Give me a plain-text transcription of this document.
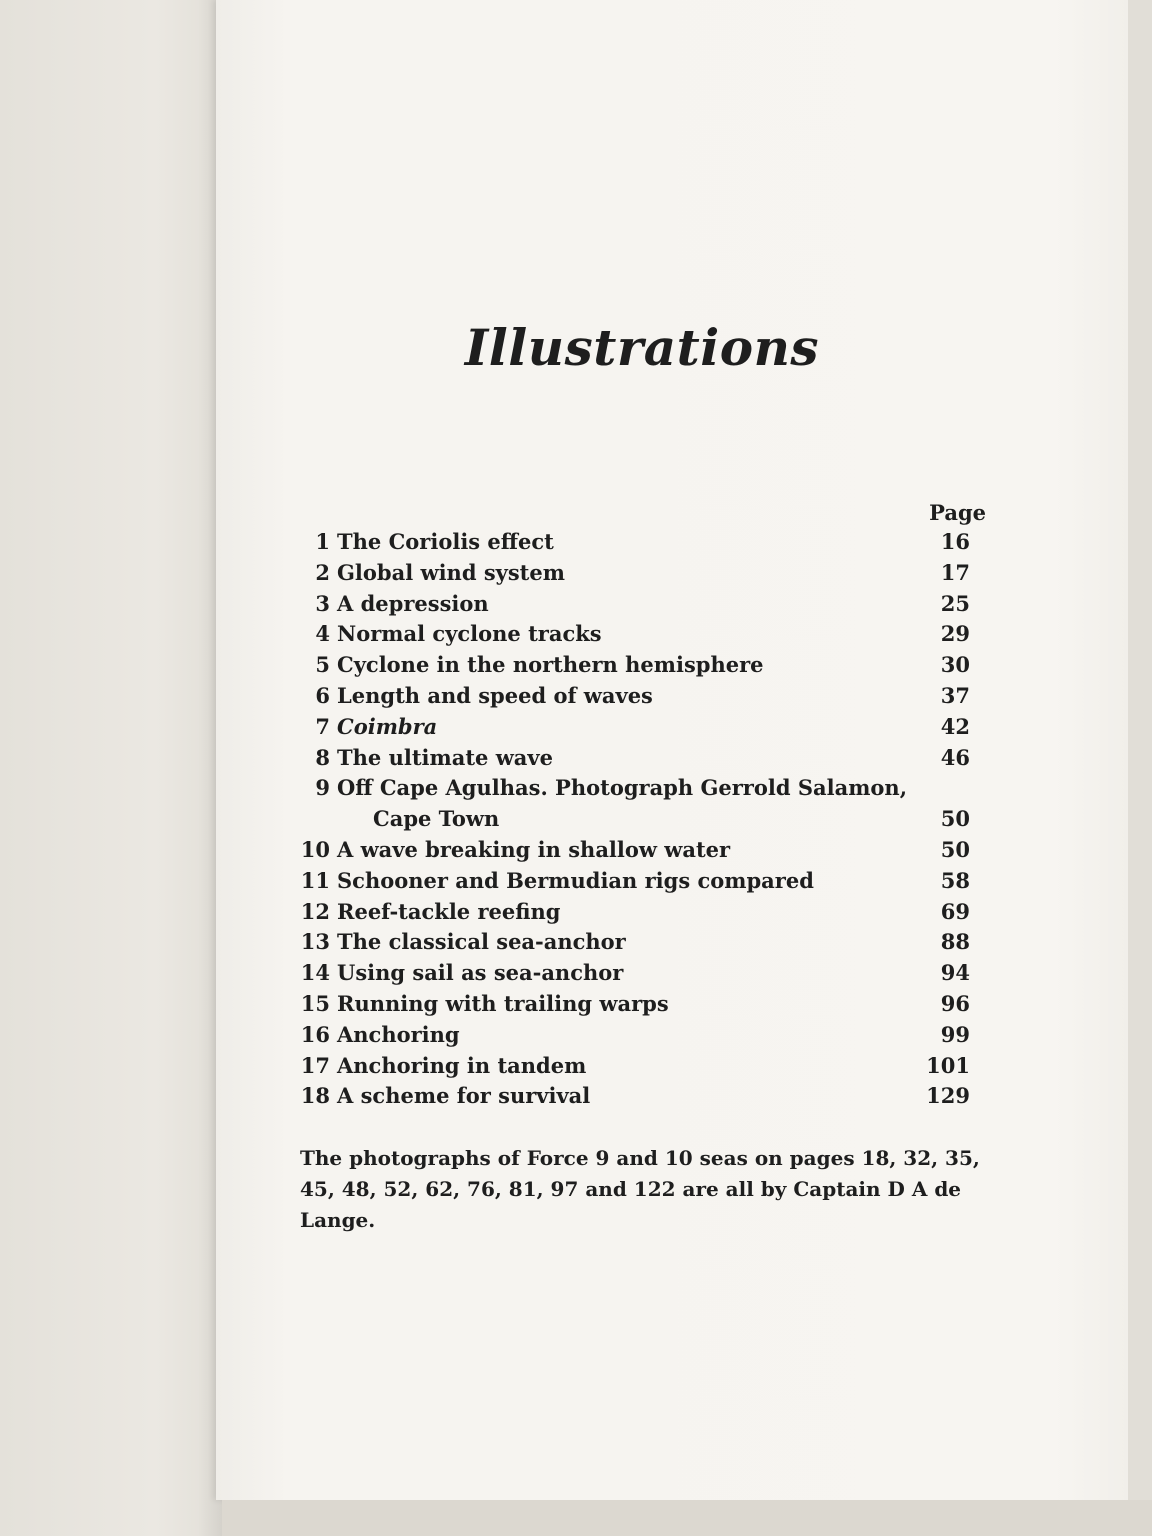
Illustrations
Page
1 The Coriolis effect	16
2 Global wind system	17
3 A depression	25
4 Normal cyclone tracks	29
5 Cyclone in the northern hemisphere	30
6 Length and speed of waves	37
7 Coimbra	42
8 The ultimate wave	46
9 Off Cape Agulhas. Photograph Gerrold Salamon,
Cape Town	50
10 A wave breaking in shallow water	50
11 Schooner and Bermudian rigs compared	58
12 Reef-tackle reefing	69
13 The classical sea-anchor	88
14 Using sail as sea-anchor	94
15 Running with trailing warps	96
16 Anchoring	99
17 Anchoring in tandem	101
18 A scheme for survival	129

The photographs of Force 9 and 10 seas on pages 18, 32, 35, 45, 48, 52, 62, 76, 81, 97 and 122 are all by Captain D A de Lange.
